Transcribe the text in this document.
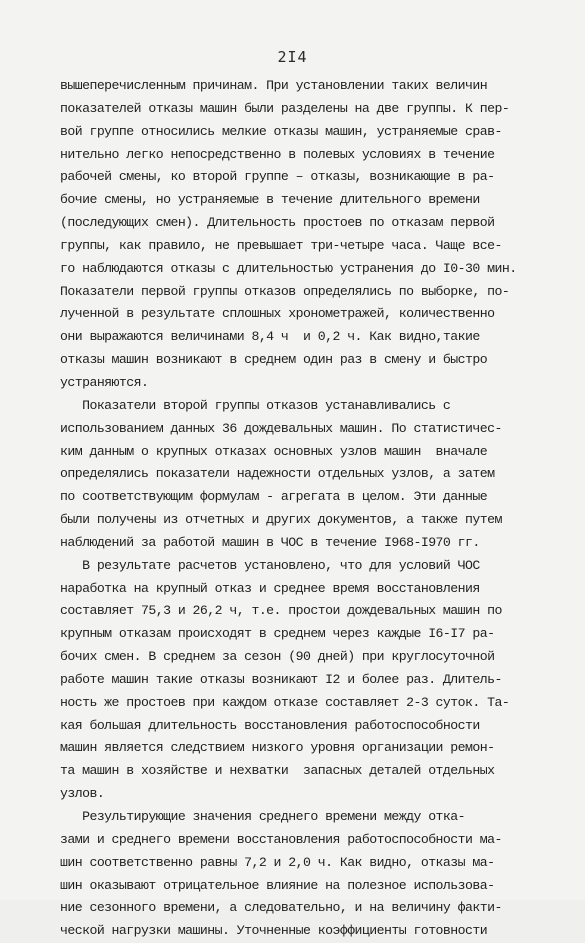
2I4
вышеперечисленным причинам. При установлении таких величин
показателей отказы машин были разделены на две группы. К пер-
вой группе относились мелкие отказы машин, устраняемые срав-
нительно легко непосредственно в полевых условиях в течение
рабочей смены, ко второй группе – отказы, возникающие в ра-
бочие смены, но устраняемые в течение длительного времени
(последующих смен). Длительность простоев по отказам первой
группы, как правило, не превышает три-четыре часа. Чаще все-
го наблюдаются отказы с длительностью устранения до I0-30 мин.
Показатели первой группы отказов определялись по выборке, по-
лученной в результате сплошных хронометражей, количественно
они выражаются величинами 8,4 ч  и 0,2 ч. Как видно,такие
отказы машин возникают в среднем один раз в смену и быстро
устраняются.
Показатели второй группы отказов устанавливались с
использованием данных 36 дождевальных машин. По статистичес-
ким данным о крупных отказах основных узлов машин  вначале
определялись показатели надежности отдельных узлов, а затем
по соответствующим формулам - агрегата в целом. Эти данные
были получены из отчетных и других документов, а также путем
наблюдений за работой машин в ЧОС в течение I968-I970 гг.
В результате расчетов установлено, что для условий ЧОС
наработка на крупный отказ и среднее время восстановления
составляет 75,3 и 26,2 ч, т.е. простои дождевальных машин по
крупным отказам происходят в среднем через каждые I6-I7 ра-
бочих смен. В среднем за сезон (90 дней) при круглосуточной
работе машин такие отказы возникают I2 и более раз. Длитель-
ность же простоев при каждом отказе составляет 2-3 суток. Та-
кая большая длительность восстановления работоспособности
машин является следствием низкого уровня организации ремон-
та машин в хозяйстве и нехватки  запасных деталей отдельных
узлов.
Результирующие значения среднего времени между отка-
зами и среднего времени восстановления работоспособности ма-
шин соответственно равны 7,2 и 2,0 ч. Как видно, отказы ма-
шин оказывают отрицательное влияние на полезное использова-
ние сезонного времени, а следовательно, и на величину факти-
ческой нагрузки машины. Уточненные коэффициенты готовности
